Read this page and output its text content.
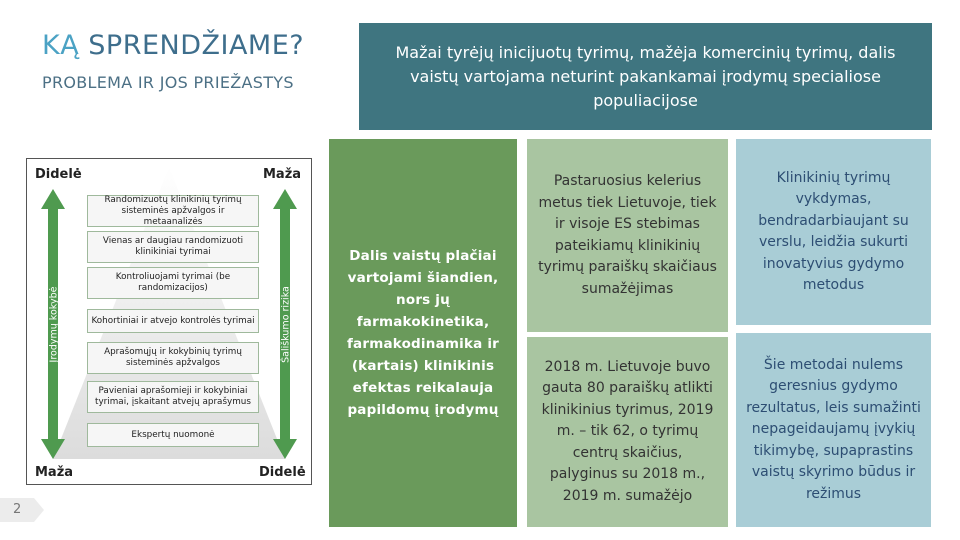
KĄ SPRENDŽIAME?
PROBLEMA IR JOS PRIEŽASTYS
Mažai tyrėjų inicijuotų tyrimų, mažėja komercinių tyrimų, dalis vaistų vartojama neturint pakankamai įrodymų specialiose populiacijose
Didelė	Maža
Maža	Didelė
Įrodymų kokybė	Šališkumo rizika
Randomizuotų klinikinių tyrimų sisteminės apžvalgos ir metaanalizės
Vienas ar daugiau randomizuoti klinikiniai tyrimai
Kontroliuojami tyrimai (be randomizacijos)
Kohortiniai ir atvejo kontrolės tyrimai
Aprašomųjų ir kokybinių tyrimų sisteminės apžvalgos
Pavieniai aprašomieji ir kokybiniai tyrimai, įskaitant atvejų aprašymus
Ekspertų nuomonė
Dalis vaistų plačiai vartojami šiandien, nors jų farmakokinetika, farmakodinamika ir (kartais) klinikinis efektas reikalauja papildomų įrodymų
Pastaruosius kelerius metus tiek Lietuvoje, tiek ir visoje ES stebimas pateikiamų klinikinių tyrimų paraiškų skaičiaus sumažėjimas
2018 m. Lietuvoje buvo gauta 80 paraiškų atlikti klinikinius tyrimus, 2019 m. – tik 62, o tyrimų centrų skaičius, palyginus su 2018 m., 2019 m. sumažėjo
Klinikinių tyrimų vykdymas, bendradarbiaujant su verslu, leidžia sukurti inovatyvius gydymo metodus
Šie metodai nulems geresnius gydymo rezultatus, leis sumažinti nepageidaujamų įvykių tikimybę, supaprastins vaistų skyrimo būdus ir režimus
2
